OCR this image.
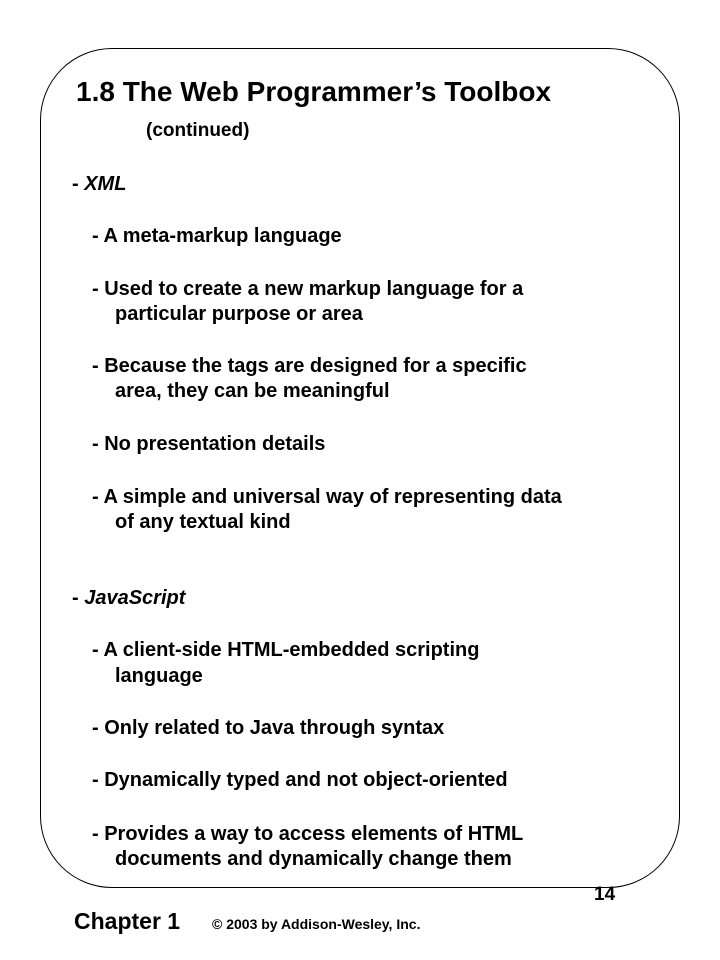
1.8 The Web Programmer’s Toolbox
(continued)
- XML
- A meta-markup language
- Used to create a new markup language for a
particular purpose or area
- Because the tags are designed for a specific
area, they can be meaningful
- No presentation details
- A simple and universal way of representing data
of any textual kind
- JavaScript
- A client-side HTML-embedded scripting
language
- Only related to Java through syntax
- Dynamically typed and not object-oriented
- Provides a way to access elements of HTML
documents and dynamically change them
Chapter 1 © 2003 by Addison-Wesley, Inc.
14
